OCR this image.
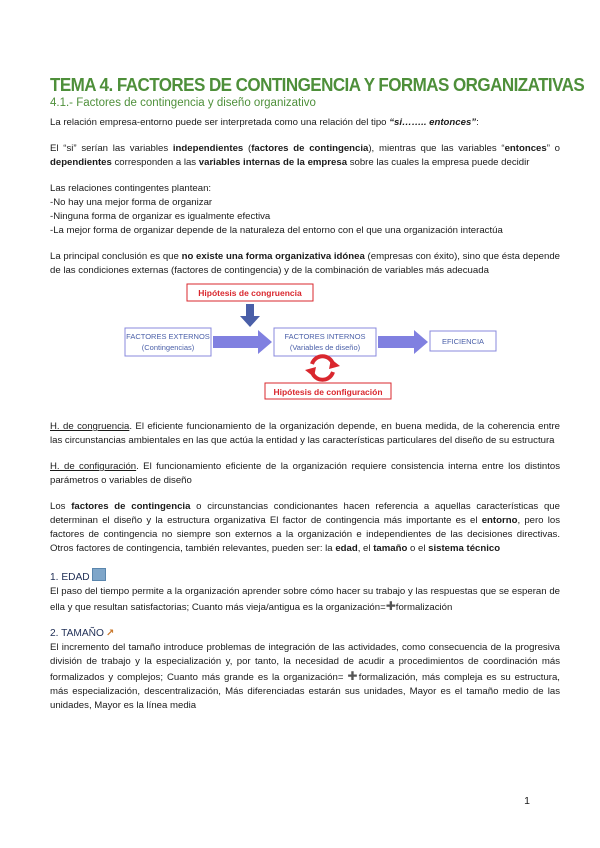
TEMA 4. FACTORES DE CONTINGENCIA Y FORMAS ORGANIZATIVAS
4.1.- Factores de contingencia y diseño organizativo

La relación empresa-entorno puede ser interpretada como una relación del tipo “si…….. entonces”:

El “si” serían las variables independientes (factores de contingencia), mientras que las variables “entonces” o dependientes corresponden a las variables internas de la empresa sobre las cuales la empresa puede decidir

Las relaciones contingentes plantean:

-No hay una mejor forma de organizar

-Ninguna forma de organizar es igualmente efectiva

-La mejor forma de organizar depende de la naturaleza del entorno con el que una organización interactúa

La principal conclusión es que no existe una forma organizativa idónea (empresas con éxito), sino que ésta depende de las condiciones externas (factores de contingencia) y de la combinación de variables más adecuada

Hipótesis de congruencia
FACTORES EXTERNOS
(Contingencias)
FACTORES INTERNOS
(Variables de diseño)
EFICIENCIA
Hipótesis de configuración

H. de congruencia. El eficiente funcionamiento de la organización depende, en buena medida, de la coherencia entre las circunstancias ambientales en las que actúa la entidad y las características particulares del diseño de su estructura

H. de configuración. El funcionamiento eficiente de la organización requiere consistencia interna entre los distintos parámetros o variables de diseño

Los factores de contingencia o circunstancias condicionantes hacen referencia a aquellas características que determinan el diseño y la estructura organizativa El factor de contingencia más importante es el entorno, pero los factores de contingencia no siempre son externos a la organización e independientes de las decisiones directivas. Otros factores de contingencia, también relevantes, pueden ser: la edad, el tamaño o el sistema técnico

1. EDAD

El paso del tiempo permite a la organización aprender sobre cómo hacer su trabajo y las respuestas que se esperan de ella y que resultan satisfactorias; Cuanto más vieja/antigua es la organización=✚formalización

2. TAMAÑO ↗

El incremento del tamaño introduce problemas de integración de las actividades, como consecuencia de la progresiva división de trabajo y la especialización y, por tanto, la necesidad de acudir a procedimientos de coordinación más formalizados y complejos; Cuanto más grande es la organización= ✚formalización, más compleja es su estructura, más especialización, descentralización, Más diferenciadas estarán sus unidades, Mayor es el tamaño medio de las unidades, Mayor es la línea media

1
